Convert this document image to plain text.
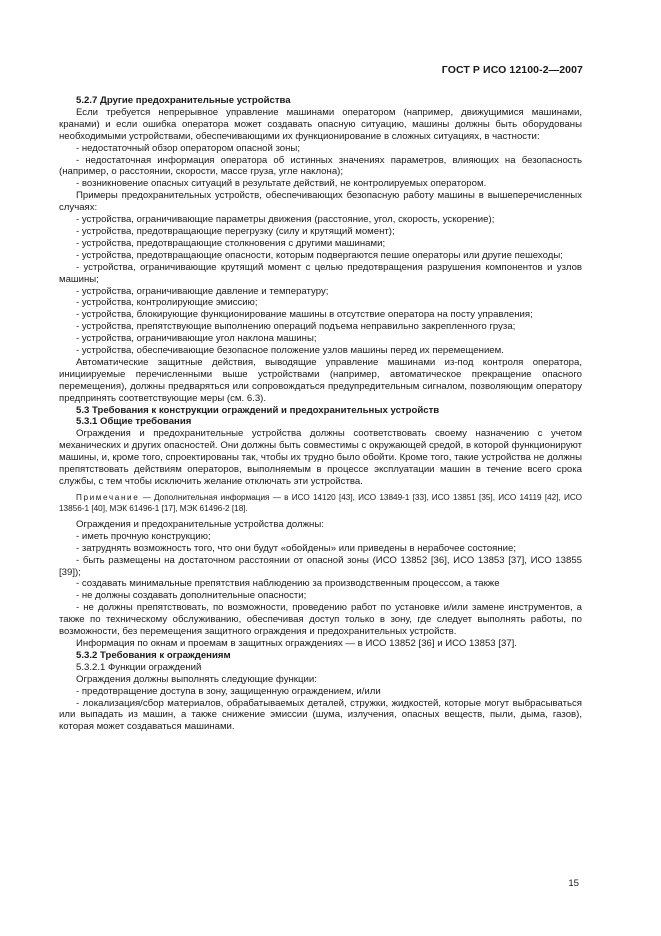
ГОСТ Р ИСО 12100-2—2007

5.2.7 Другие предохранительные устройства

Если требуется непрерывное управление машинами оператором (например, движущимися машинами, кранами) и если ошибка оператора может создавать опасную ситуацию, машины должны быть оборудованы необходимыми устройствами, обеспечивающими их функционирование в сложных ситуациях, в частности:

- недостаточный обзор оператором опасной зоны;

- недостаточная информация оператора об истинных значениях параметров, влияющих на безопасность (например, о расстоянии, скорости, массе груза, угле наклона);

- возникновение опасных ситуаций в результате действий, не контролируемых оператором.

Примеры предохранительных устройств, обеспечивающих безопасную работу машины в вышеперечисленных случаях:

- устройства, ограничивающие параметры движения (расстояние, угол, скорость, ускорение);

- устройства, предотвращающие перегрузку (силу и крутящий момент);

- устройства, предотвращающие столкновения с другими машинами;

- устройства, предотвращающие опасности, которым подвергаются пешие операторы или другие пешеходы;

- устройства, ограничивающие крутящий момент с целью предотвращения разрушения компонентов и узлов машины;

- устройства, ограничивающие давление и температуру;

- устройства, контролирующие эмиссию;

- устройства, блокирующие функционирование машины в отсутствие оператора на посту управления;

- устройства, препятствующие выполнению операций подъема неправильно закрепленного груза;

- устройства, ограничивающие угол наклона машины;

- устройства, обеспечивающие безопасное положение узлов машины перед их перемещением.

Автоматические защитные действия, выводящие управление машинами из-под контроля оператора, инициируемые перечисленными выше устройствами (например, автоматическое прекращение опасного перемещения), должны предваряться или сопровождаться предупредительным сигналом, позволяющим оператору предпринять соответствующие меры (см. 6.3).

5.3 Требования к конструкции ограждений и предохранительных устройств

5.3.1 Общие требования

Ограждения и предохранительные устройства должны соответствовать своему назначению с учетом механических и других опасностей. Они должны быть совместимы с окружающей средой, в которой функционируют машины, и, кроме того, спроектированы так, чтобы их трудно было обойти. Кроме того, такие устройства не должны препятствовать действиям операторов, выполняемым в процессе эксплуатации машин в течение всего срока службы, с тем чтобы исключить желание отключать эти устройства.

Примечание — Дополнительная информация — в ИСО 14120 [43], ИСО 13849-1 [33], ИСО 13851 [35], ИСО 14119 [42], ИСО 13856-1 [40], МЭК 61496-1 [17], МЭК 61496-2 [18].

Ограждения и предохранительные устройства должны:

- иметь прочную конструкцию;

- затруднять возможность того, что они будут «обойдены» или приведены в нерабочее состояние;

- быть размещены на достаточном расстоянии от опасной зоны (ИСО 13852 [36], ИСО 13853 [37], ИСО 13855 [39]);

- создавать минимальные препятствия наблюдению за производственным процессом, а также

- не должны создавать дополнительные опасности;

- не должны препятствовать, по возможности, проведению работ по установке и/или замене инструментов, а также по техническому обслуживанию, обеспечивая доступ только в зону, где следует выполнять работы, по возможности, без перемещения защитного ограждения и предохранительных устройств.

Информация по окнам и проемам в защитных ограждениях — в ИСО 13852 [36] и ИСО 13853 [37].

5.3.2 Требования к ограждениям

5.3.2.1 Функции ограждений

Ограждения должны выполнять следующие функции:

- предотвращение доступа в зону, защищенную ограждением, и/или

- локализация/сбор материалов, обрабатываемых деталей, стружки, жидкостей, которые могут выбрасываться или выпадать из машин, а также снижение эмиссии (шума, излучения, опасных веществ, пыли, дыма, газов), которая может создаваться машинами.

15
